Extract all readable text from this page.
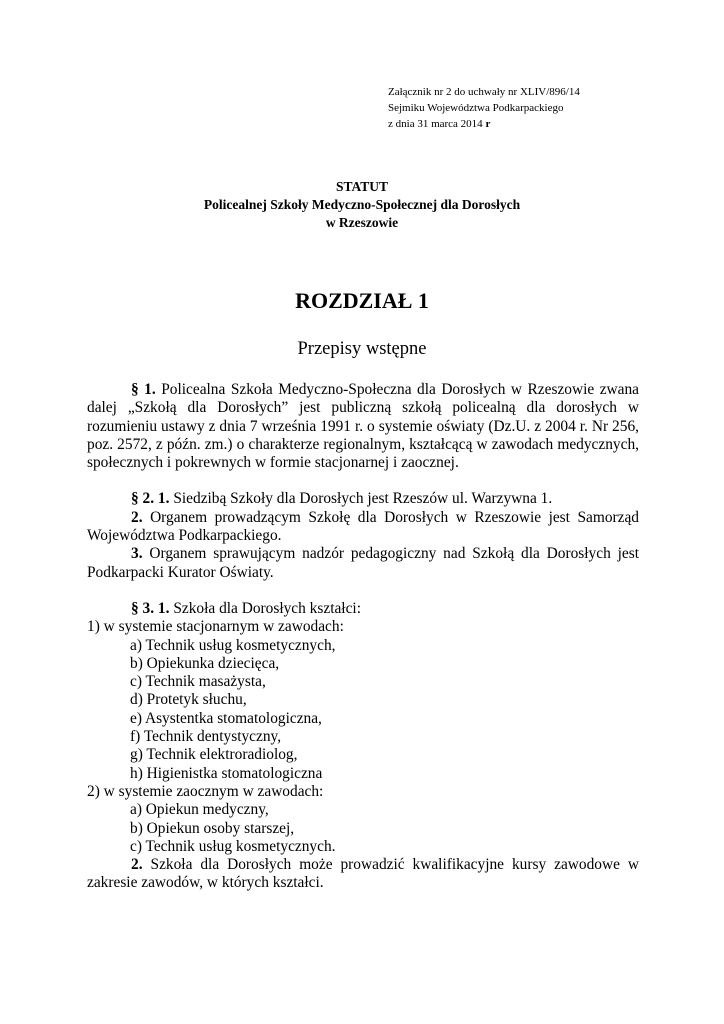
Załącznik nr 2 do uchwały nr XLIV/896/14
Sejmiku Województwa Podkarpackiego
z dnia 31 marca 2014 r
STATUT
Policealnej Szkoły Medyczno-Społecznej dla Dorosłych
w Rzeszowie
ROZDZIAŁ 1
Przepisy wstępne

§ 1. Policealna Szkoła Medyczno-Społeczna dla Dorosłych w Rzeszowie zwana dalej „Szkołą dla Dorosłych” jest publiczną szkołą policealną dla dorosłych w rozumieniu ustawy z dnia 7 września 1991 r. o systemie oświaty (Dz.U. z 2004 r. Nr 256, poz. 2572, z późn. zm.) o charakterze regionalnym, kształcącą w zawodach medycznych, społecznych i pokrewnych w formie stacjonarnej i zaocznej.

§ 2. 1. Siedzibą Szkoły dla Dorosłych jest Rzeszów ul. Warzywna 1.

2. Organem prowadzącym Szkołę dla Dorosłych w Rzeszowie jest Samorząd Województwa Podkarpackiego.

3. Organem sprawującym nadzór pedagogiczny nad Szkołą dla Dorosłych jest Podkarpacki Kurator Oświaty.

§ 3. 1. Szkoła dla Dorosłych kształci:

1) w systemie stacjonarnym w zawodach:
a) Technik usług kosmetycznych,
b) Opiekunka dziecięca,
c) Technik masażysta,
d) Protetyk słuchu,
e) Asystentka stomatologiczna,
f) Technik dentystyczny,
g) Technik elektroradiolog,
h) Higienistka stomatologiczna
2) w systemie zaocznym w zawodach:
a) Opiekun medyczny,
b) Opiekun osoby starszej,
c) Technik usług kosmetycznych.

2. Szkoła dla Dorosłych może prowadzić kwalifikacyjne kursy zawodowe w zakresie zawodów, w których kształci.
